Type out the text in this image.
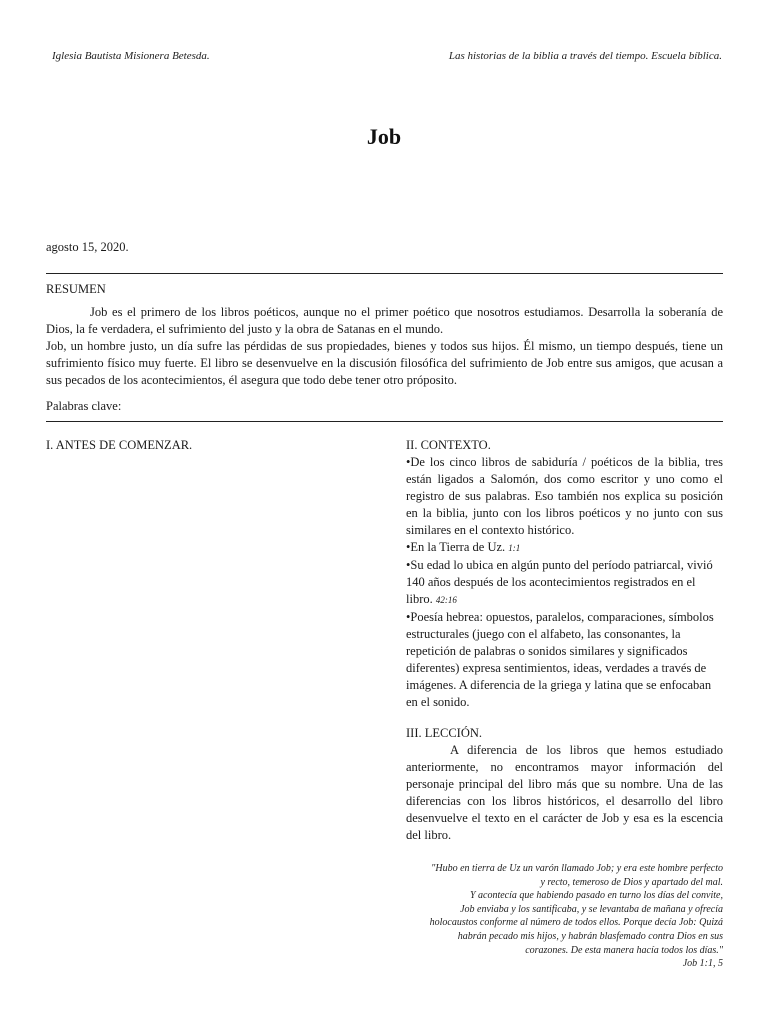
Iglesia Bautista Misionera Betesda.	Las historias de la biblia a través del tiempo. Escuela bíblica.
Job
agosto 15, 2020.
RESUMEN

Job es el primero de los libros poéticos, aunque no el primer poético que nosotros estudiamos. Desarrolla la soberanía de Dios, la fe verdadera, el sufrimiento del justo y la obra de Satanas en el mundo.

Job, un hombre justo, un día sufre las pérdidas de sus propiedades, bienes y todos sus hijos. Él mismo, un tiempo después, tiene un sufrimiento físico muy fuerte. El libro se desenvuelve en la discusión filosófica del sufrimiento de Job entre sus amigos, que acusan a sus pecados de los acontecimientos, él asegura que todo debe tener otro próposito.

Palabras clave:

I. ANTES DE COMENZAR.	II. CONTEXTO.

•De los cinco libros de sabiduría / poéticos de la biblia, tres están ligados a Salomón, dos como escritor y uno como el registro de sus palabras. Eso también nos explica su posición en la biblia, junto con los libros poéticos y no junto con sus similares en el contexto histórico.

•En la Tierra de Uz. 1:1

•Su edad lo ubica en algún punto del período patriarcal, vivió 140 años después de los acontecimientos registrados en el libro. 42:16

•Poesía hebrea: opuestos, paralelos, comparaciones, símbolos estructurales (juego con el alfabeto, las consonantes, la repetición de palabras o sonidos similares y significados diferentes) expresa sentimientos, ideas, verdades a través de imágenes. A diferencia de la griega y latina que se enfocaban en el sonido.

III. LECCIÓN.

A diferencia de los libros que hemos estudiado anteriormente, no encontramos mayor información del personaje principal del libro más que su nombre. Una de las diferencias con los libros históricos, el desarrollo del libro desenvuelve el texto en el carácter de Job y esa es la escencia del libro.

"Hubo en tierra de Uz un varón llamado Job; y era este hombre perfecto
y recto, temeroso de Dios y apartado del mal.
Y acontecía que habiendo pasado en turno los días del convite,
Job enviaba y los santificaba, y se levantaba de mañana y ofrecía
holocaustos conforme al número de todos ellos. Porque decía Job: Quizá
habrán pecado mis hijos, y habrán blasfemado contra Dios en sus
corazones. De esta manera hacía todos los días."
Job 1:1, 5
